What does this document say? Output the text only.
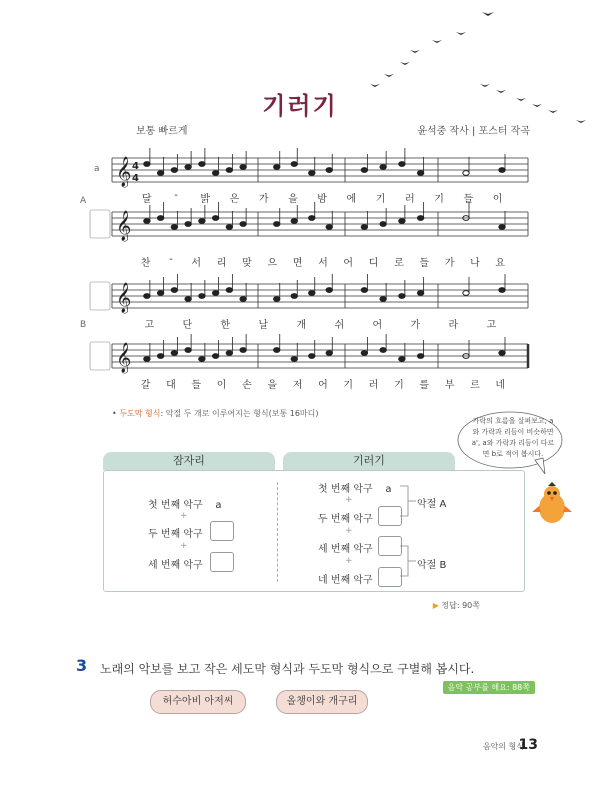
기러기
보통 빠르게	윤석중 작사 | 포스터 작곡
𝄞 4
4
𝄞
𝄞
𝄞
a
A
B
달 - 밝 은 가 을 밤 에 기 러 기 들 이
찬 - 서 리 맞 으 면 서 어 디 로 들 가 나 요
고	단	한	날	개	쉬	어	가	라	고
갈 대 들 이 손 을 저 어 기 러 기 를 부 르 네
• 두도막 형식: 악절 두 개로 이루어지는 형식(보통 16마디)
가락의 흐름을 살펴보고, a와 가락과 리듬이 비슷하면 a', a와 가락과 리듬이 다르면 b로 적어 봅시다.
잠자리	기러기
첫 번째 악구 a
+
두 번째 악구
+
세 번째 악구
첫 번째 악구 a
+
두 번째 악구
+
세 번째 악구
+
네 번째 악구
악절 A
악절 B
▶ 정답: 90쪽
3 노래의 악보를 보고 작은 세도막 형식과 두도막 형식으로 구별해 봅시다.
음악 공부를 해요: 88쪽
허수아비 아저씨	올챙이와 개구리
음악의 형식
13
